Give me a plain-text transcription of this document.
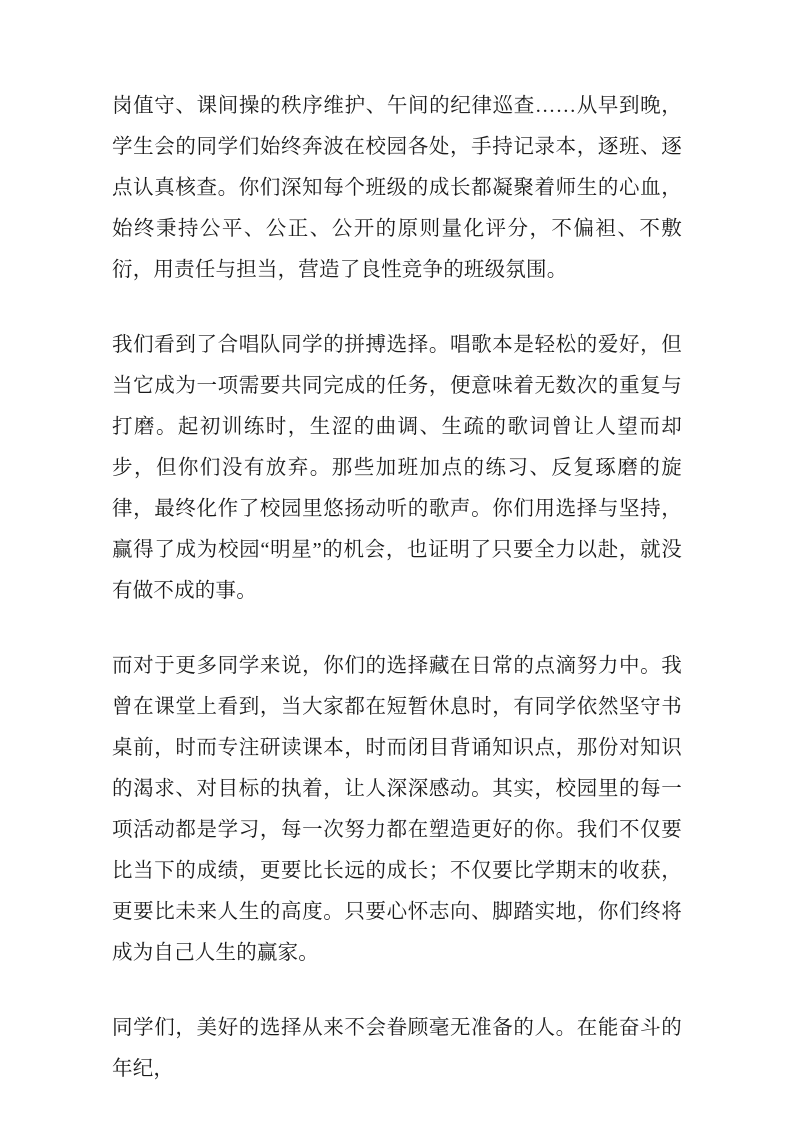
岗值守、课间操的秩序维护、午间的纪律巡查……从早到晚，学生会的同学们始终奔波在校园各处，手持记录本，逐班、逐点认真核查。你们深知每个班级的成长都凝聚着师生的心血，始终秉持公平、公正、公开的原则量化评分，不偏袒、不敷衍，用责任与担当，营造了良性竞争的班级氛围。

我们看到了合唱队同学的拼搏选择。唱歌本是轻松的爱好，但当它成为一项需要共同完成的任务，便意味着无数次的重复与打磨。起初训练时，生涩的曲调、生疏的歌词曾让人望而却步，但你们没有放弃。那些加班加点的练习、反复琢磨的旋律，最终化作了校园里悠扬动听的歌声。你们用选择与坚持，赢得了成为校园“明星”的机会，也证明了只要全力以赴，就没有做不成的事。

而对于更多同学来说，你们的选择藏在日常的点滴努力中。我曾在课堂上看到，当大家都在短暂休息时，有同学依然坚守书桌前，时而专注研读课本，时而闭目背诵知识点，那份对知识的渴求、对目标的执着，让人深深感动。其实，校园里的每一项活动都是学习，每一次努力都在塑造更好的你。我们不仅要比当下的成绩，更要比长远的成长；不仅要比学期末的收获，更要比未来人生的高度。只要心怀志向、脚踏实地，你们终将成为自己人生的赢家。

同学们，美好的选择从来不会眷顾毫无准备的人。在能奋斗的年纪，
